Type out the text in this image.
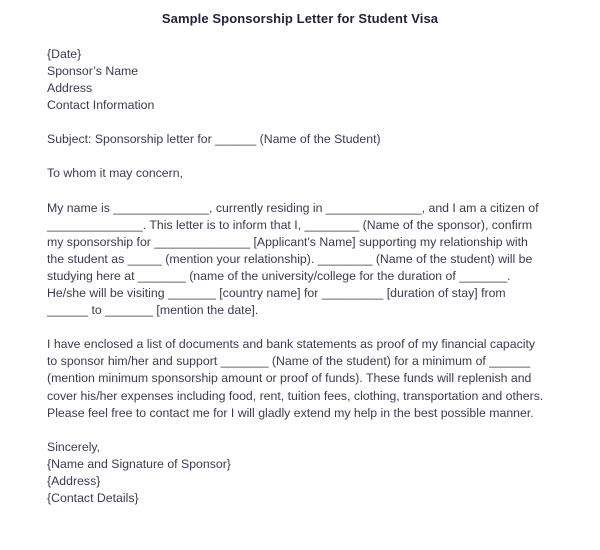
Sample Sponsorship Letter for Student Visa
{Date}
Sponsor’s Name
Address
Contact Information
Subject: Sponsorship letter for ______ (Name of the Student)
To whom it may concern,

My name is ______________, currently residing in ______________, and I am a citizen of ______________. This letter is to inform that I, ________ (Name of the sponsor), confirm my sponsorship for ______________ [Applicant's Name] supporting my relationship with the student as _____ (mention your relationship). ________ (Name of the student) will be studying here at _______ (name of the university/college for the duration of _______. He/she will be visiting _______ [country name] for _________ [duration of stay] from ______ to _______ [mention the date].

I have enclosed a list of documents and bank statements as proof of my financial capacity to sponsor him/her and support _______ (Name of the student) for a minimum of ______ (mention minimum sponsorship amount or proof of funds). These funds will replenish and cover his/her expenses including food, rent, tuition fees, clothing, transportation and others. Please feel free to contact me for I will gladly extend my help in the best possible manner.

Sincerely,
{Name and Signature of Sponsor}
{Address}
{Contact Details}
